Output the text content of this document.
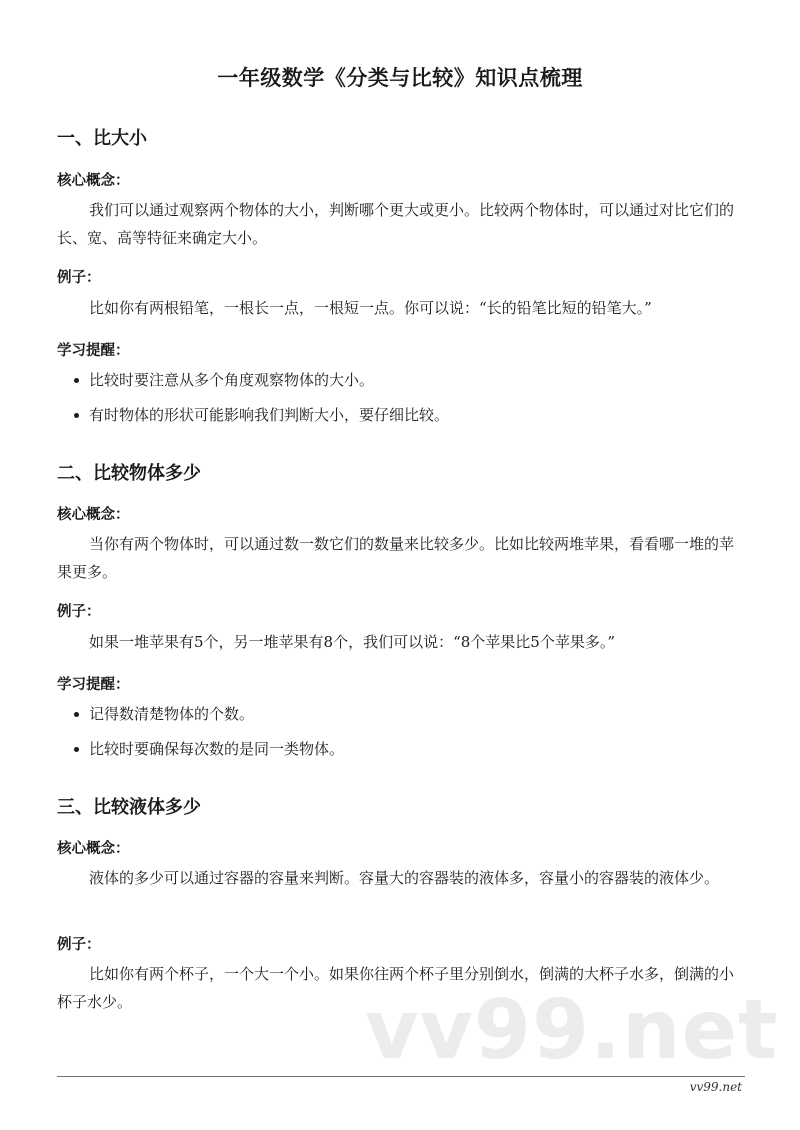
一年级数学《分类与比较》知识点梳理
一、比大小
核心概念：

我们可以通过观察两个物体的大小，判断哪个更大或更小。比较两个物体时，可以通过对比它们的长、宽、高等特征来确定大小。

例子：

比如你有两根铅笔，一根长一点，一根短一点。你可以说：“长的铅笔比短的铅笔大。”

学习提醒：
比较时要注意从多个角度观察物体的大小。
有时物体的形状可能影响我们判断大小，要仔细比较。
二、比较物体多少
核心概念：

当你有两个物体时，可以通过数一数它们的数量来比较多少。比如比较两堆苹果，看看哪一堆的苹果更多。

例子：

如果一堆苹果有5个，另一堆苹果有8个，我们可以说：“8个苹果比5个苹果多。”

学习提醒：
记得数清楚物体的个数。
比较时要确保每次数的是同一类物体。
三、比较液体多少
核心概念：

液体的多少可以通过容器的容量来判断。容量大的容器装的液体多，容量小的容器装的液体少。

例子：

比如你有两个杯子，一个大一个小。如果你往两个杯子里分别倒水，倒满的大杯子水多，倒满的小杯子水少。	vv99.net
vv99.net
